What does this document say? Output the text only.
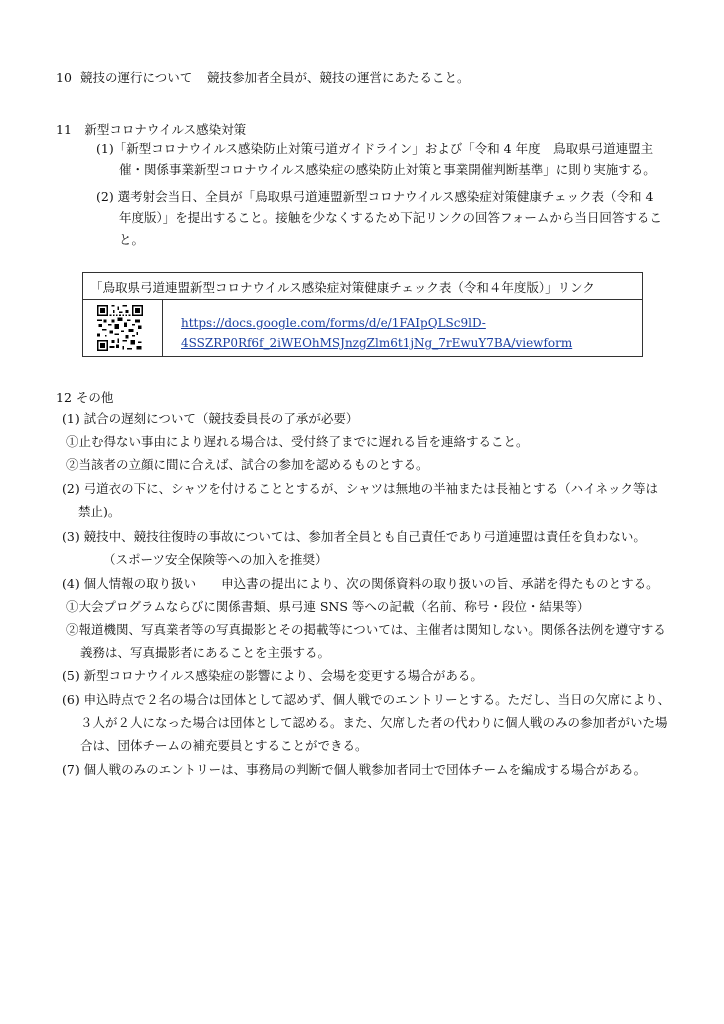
10 競技の運行について 競技参加者全員が、競技の運営にあたること。
11　新型コロナウイルス感染対策
(1)「新型コロナウイルス感染防止対策弓道ガイドライン」および「令和 4 年度　鳥取県弓道連盟主
催・関係事業新型コロナウイルス感染症の感染防止対策と事業開催判断基準」に則り実施する。
(2) 選考射会当日、全員が「鳥取県弓道連盟新型コロナウイルス感染症対策健康チェック表（令和 4
年度版）」を提出すること。接触を少なくするため下記リンクの回答フォームから当日回答するこ
と。
「鳥取県弓道連盟新型コロナウイルス感染症対策健康チェック表（令和４年度版）」リンク
https://docs.google.com/forms/d/e/1FAIpQLSc9lD-
4SSZRP0Rf6f_2iWEOhMSJnzgZlm6t1jNg_7rEwuY7BA/viewform
12 その他
(1) 試合の遅刻について（競技委員長の了承が必要）
①止む得ない事由により遅れる場合は、受付終了までに遅れる旨を連絡すること。
②当該者の立顔に間に合えば、試合の参加を認めるものとする。
(2) 弓道衣の下に、シャツを付けることとするが、シャツは無地の半袖または長袖とする（ハイネック等は
禁止)。
(3) 競技中、競技往復時の事故については、参加者全員とも自己責任であり弓道連盟は責任を負わない。
（スポーツ安全保険等への加入を推奨）
(4) 個人情報の取り扱い　　申込書の提出により、次の関係資料の取り扱いの旨、承諾を得たものとする。
①大会プログラムならびに関係書類、県弓連 SNS 等への記載（名前、称号・段位・結果等）
②報道機関、写真業者等の写真撮影とその掲載等については、主催者は関知しない。関係各法例を遵守する
義務は、写真撮影者にあることを主張する。
(5) 新型コロナウイルス感染症の影響により、会場を変更する場合がある。
(6) 申込時点で２名の場合は団体として認めず、個人戦でのエントリーとする。ただし、当日の欠席により、
３人が２人になった場合は団体として認める。また、欠席した者の代わりに個人戦のみの参加者がいた場
合は、団体チームの補充要員とすることができる。
(7) 個人戦のみのエントリーは、事務局の判断で個人戦参加者同士で団体チームを編成する場合がある。
